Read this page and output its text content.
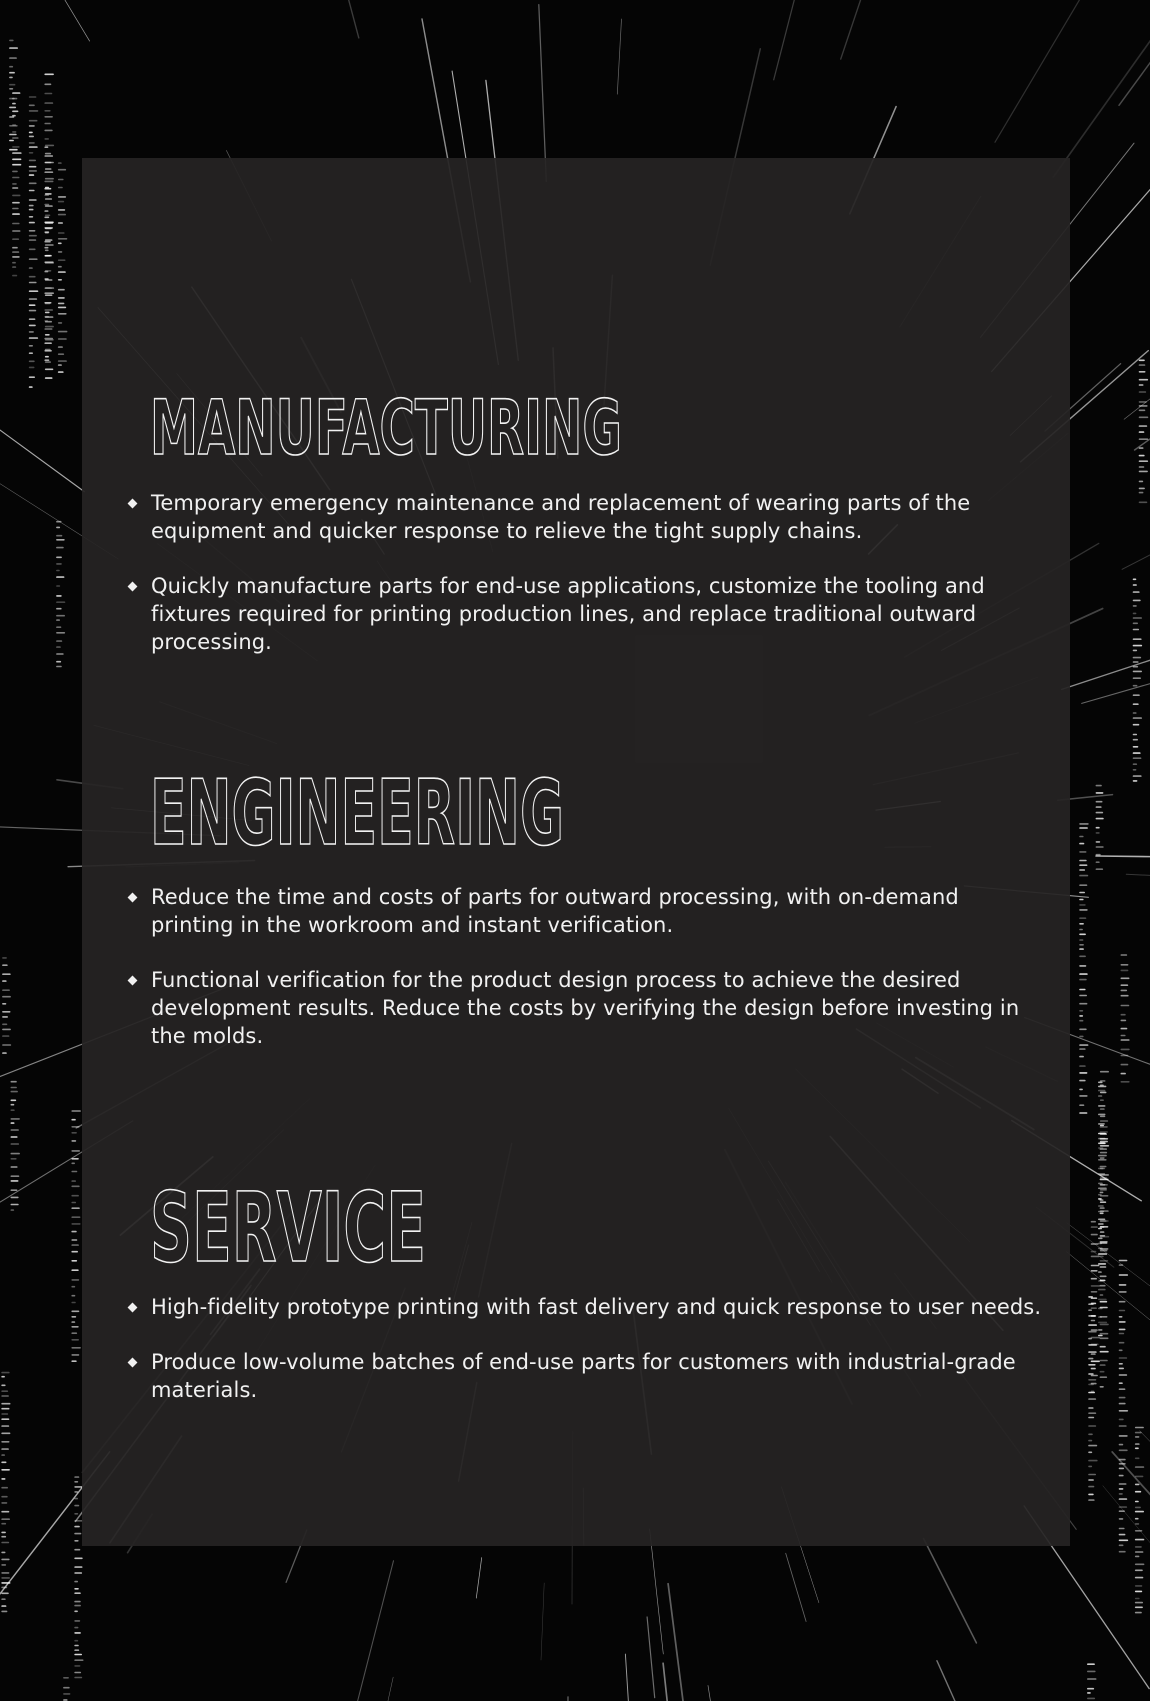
MANUFACTURING
Temporary emergency maintenance and replacement of wearing parts of the equipment and quicker response to relieve the tight supply chains.
Quickly manufacture parts for end-use applications, customize the tooling and fixtures required for printing production lines, and replace traditional outward processing.
ENGINEERING
Reduce the time and costs of parts for outward processing, with on-demand printing in the workroom and instant verification.
Functional verification for the product design process to achieve the desired development results. Reduce the costs by verifying the design before investing in the molds.
SERVICE
High-fidelity prototype printing with fast delivery and quick response to user needs.
Produce low-volume batches of end-use parts for customers with industrial-grade materials.
